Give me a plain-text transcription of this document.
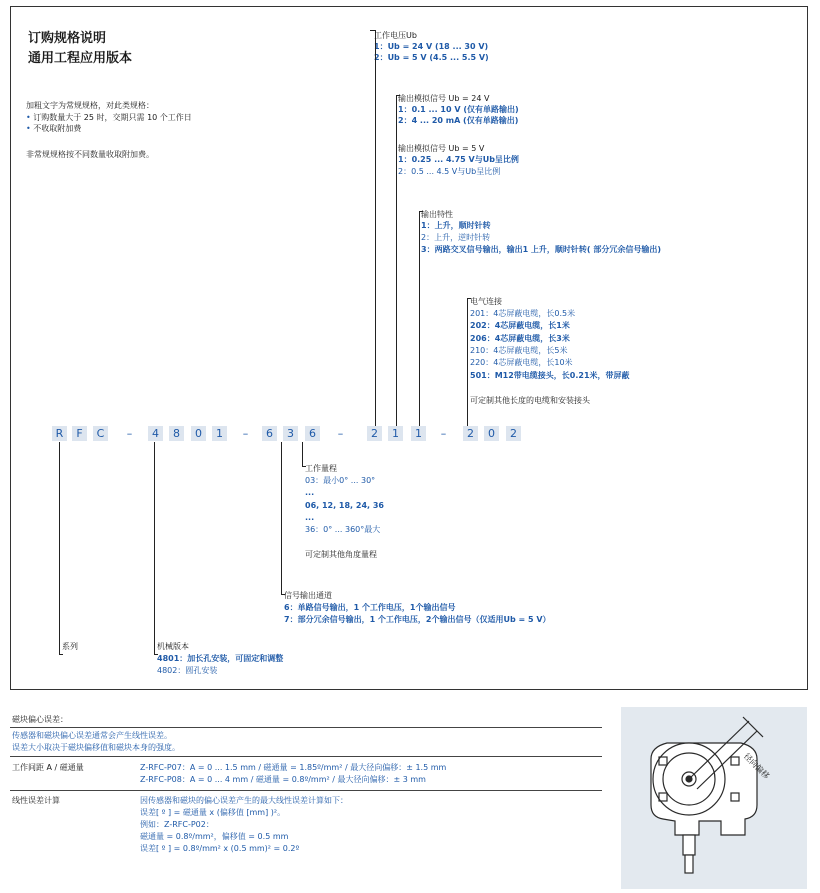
订购规格说明
通用工程应用版本
加粗文字为常规规格，对此类规格：
• 订购数量大于 25 时，交期只需 10 个工作日
• 不收取附加费
非常规规格按不同数量收取附加费。
工作电压Ub
1：Ub = 24 V (18 ... 30 V)
2：Ub = 5 V (4.5 ... 5.5 V)
输出模拟信号 Ub = 24 V
1：0.1 ... 10 V (仅有单路输出)
2：4 ... 20 mA (仅有单路输出)
输出模拟信号 Ub = 5 V
1：0.25 ... 4.75 V与Ub呈比例
2：0.5 ... 4.5 V与Ub呈比例
输出特性
1：上升，顺时针转
2：上升，逆时针转
3：两路交叉信号输出，输出1 上升，顺时针转( 部分冗余信号输出)
电气连接
201：4芯屏蔽电缆，长0.5米
202：4芯屏蔽电缆，长1米
206：4芯屏蔽电缆，长3米
210：4芯屏蔽电缆，长5米
220：4芯屏蔽电缆，长10米
501：M12带电缆接头，长0.21米，带屏蔽
可定制其他长度的电缆和安装接头
R	F	C	–	4	8	0	1	–	6	3	6	–	2	1	1	–	2	0	2
工作量程
03：最小0° ... 30°
...
06, 12, 18, 24, 36
...
36：0° ... 360°最大
可定制其他角度量程
信号输出通道
6：单路信号输出，1 个工作电压，1个输出信号
7：部分冗余信号输出，1 个工作电压，2个输出信号（仅适用Ub = 5 V）
系列	机械版本
4801：加长孔安装，可固定和调整
4802：圆孔安装
磁块偏心误差：
传感器和磁块偏心误差通常会产生线性误差。
误差大小取决于磁块偏移值和磁块本身的强度。
工作间距 A / 磁通量	Z-RFC-P07：A = 0 ... 1.5 mm / 磁通量 = 1.85º/mm² / 最大径向偏移：± 1.5 mm
Z-RFC-P08：A = 0 ... 4 mm / 磁通量 = 0.8º/mm² / 最大径向偏移：± 3 mm
线性误差计算	因传感器和磁块的偏心误差产生的最大线性误差计算如下：
误差[ º ] = 磁通量 x (偏移值 [mm] )²。
例如：Z-RFC-P02：
磁通量 = 0.8º/mm²，偏移值 = 0.5 mm
误差[ º ] = 0.8º/mm² x (0.5 mm)² = 0.2º
径向偏移
